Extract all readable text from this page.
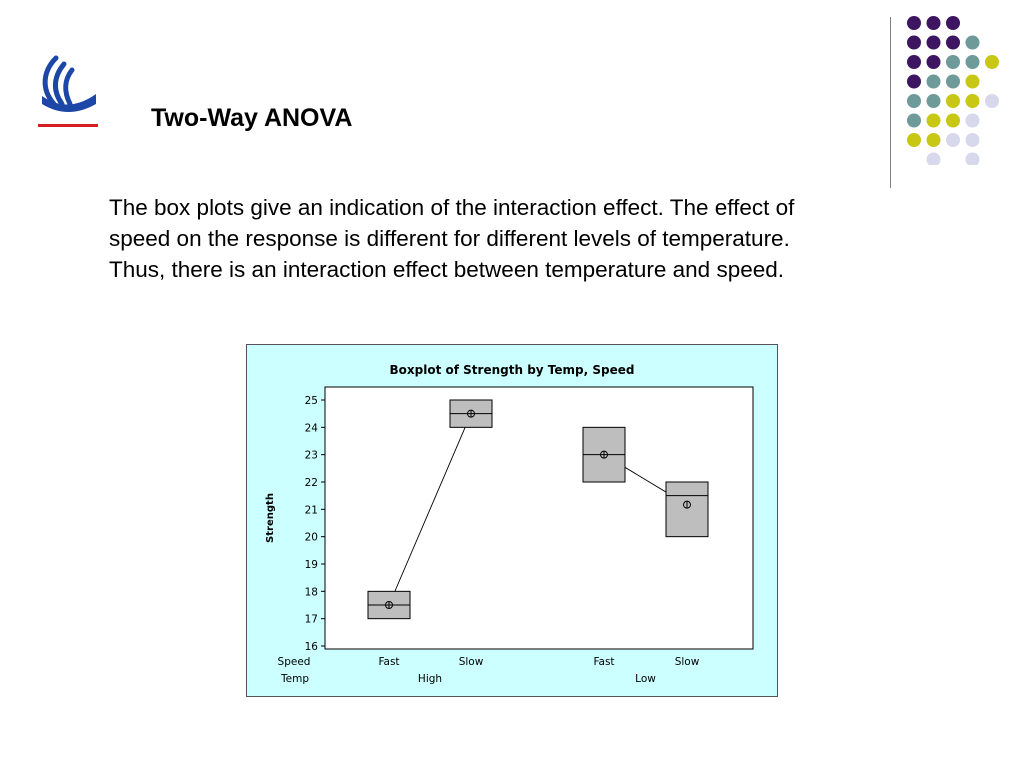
Two-Way ANOVA
The box plots give an indication of the interaction effect. The effect of speed on the response is different for different levels of temperature. Thus, there is an interaction effect between temperature and speed.
Boxplot of Strength by Temp, Speed
Strength
16
17
18
19
20
21
22
23
24
25
Speed
Temp
Fast	Slow	Fast	Slow
High	Low
